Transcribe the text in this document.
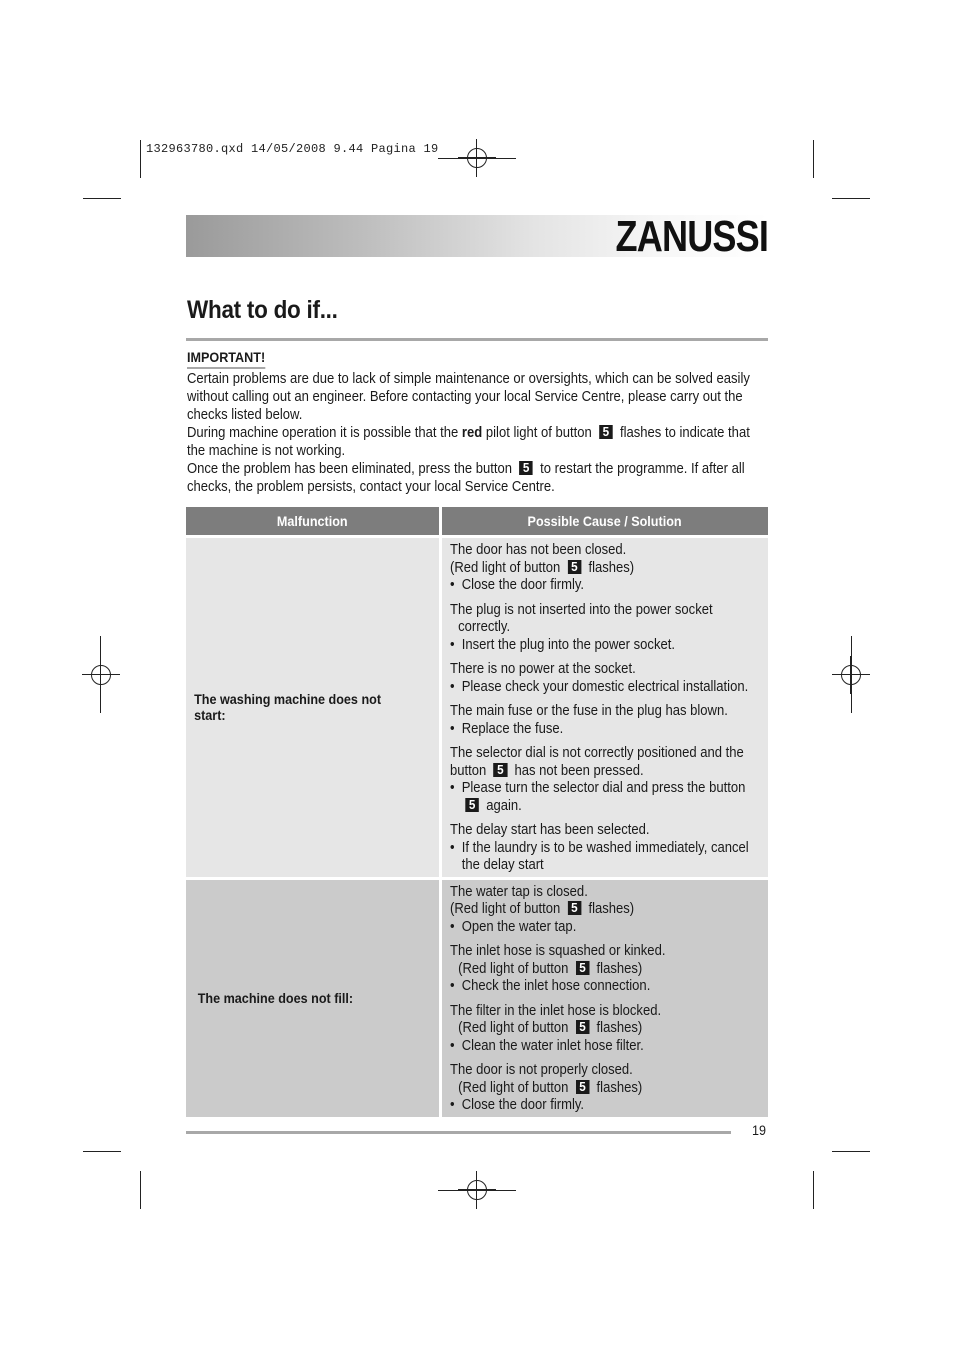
132963780.qxd 14/05/2008 9.44 Pagina 19
ZANUSSI
What to do if...
IMPORTANT!

Certain problems are due to lack of simple maintenance or oversights, which can be solved easily without calling out an engineer. Before contacting your local Service Centre, please carry out the checks listed below.

During machine operation it is possible that the red pilot light of button 5 flashes to indicate that the machine is not working.

Once the problem has been eliminated, press the button 5 to restart the programme. If after all checks, the problem persists, contact your local Service Centre.

Malfunction	Possible Cause / Solution
The washing machine does not start:
The door has not been closed.
(Red light of button 5 flashes)
• Close the door firmly.
The plug is not inserted into the power socket
correctly.
• Insert the plug into the power socket.
There is no power at the socket.
• Please check your domestic electrical installation.
The main fuse or the fuse in the plug has blown.
• Replace the fuse.
The selector dial is not correctly positioned and the
button 5 has not been pressed.
• Please turn the selector dial and press the button
5 again.
The delay start has been selected.
• If the laundry is to be washed immediately, cancel
the delay start
The machine does not fill:
The water tap is closed.
(Red light of button 5 flashes)
• Open the water tap.
The inlet hose is squashed or kinked.
(Red light of button 5 flashes)
• Check the inlet hose connection.
The filter in the inlet hose is blocked.
(Red light of button 5 flashes)
• Clean the water inlet hose filter.
The door is not properly closed.
(Red light of button 5 flashes)
• Close the door firmly.
19
